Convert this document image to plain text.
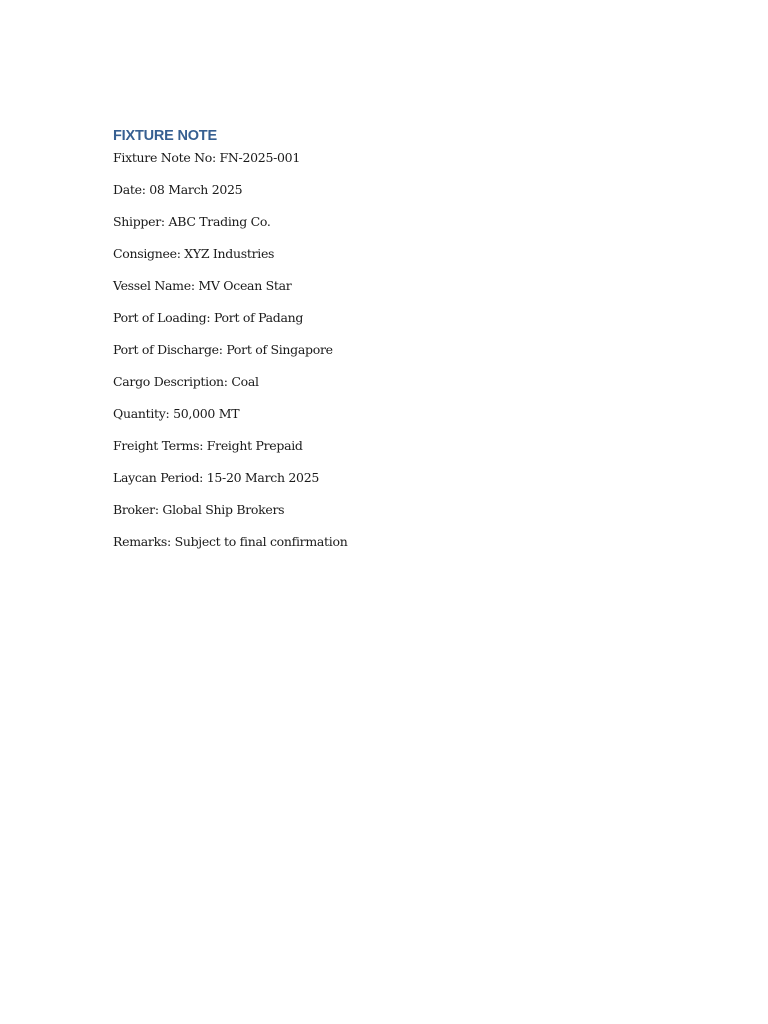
FIXTURE NOTE
Fixture Note No: FN-2025-001
Date: 08 March 2025
Shipper: ABC Trading Co.
Consignee: XYZ Industries
Vessel Name: MV Ocean Star
Port of Loading: Port of Padang
Port of Discharge: Port of Singapore
Cargo Description: Coal
Quantity: 50,000 MT
Freight Terms: Freight Prepaid
Laycan Period: 15-20 March 2025
Broker: Global Ship Brokers
Remarks: Subject to final confirmation
